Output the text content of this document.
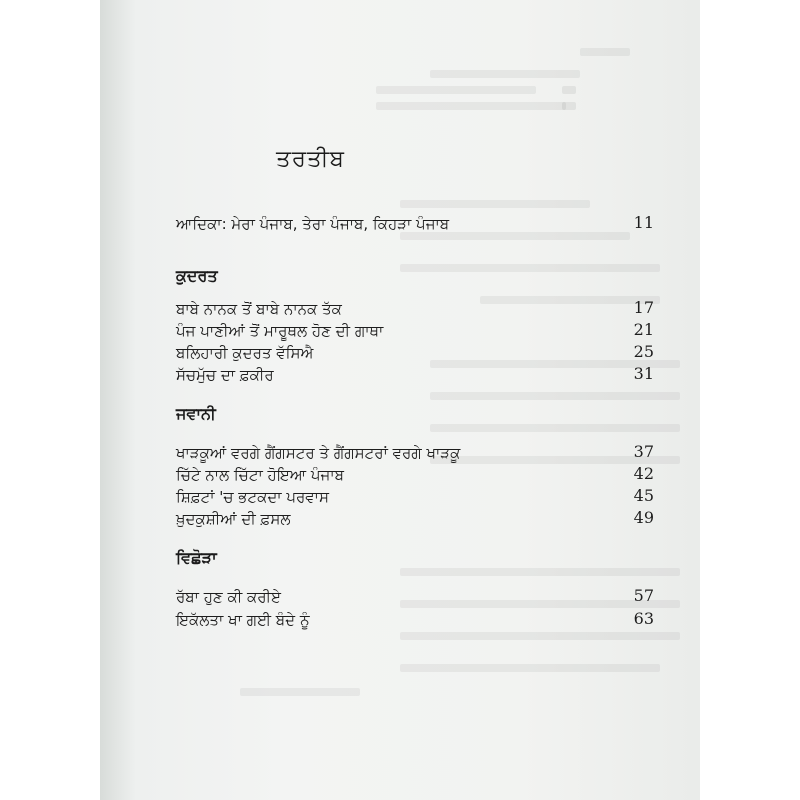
ਤਰਤੀਬ
ਆਦਿਕਾ: ਮੇਰਾ ਪੰਜਾਬ, ਤੇਰਾ ਪੰਜਾਬ, ਕਿਹੜਾ ਪੰਜਾਬ	11
ਕੁਦਰਤ
ਬਾਬੇ ਨਾਨਕ ਤੋਂ ਬਾਬੇ ਨਾਨਕ ਤੱਕ	17
ਪੰਜ ਪਾਣੀਆਂ ਤੋਂ ਮਾਰੂਥਲ ਹੋਣ ਦੀ ਗਾਥਾ	21
ਬਲਿਹਾਰੀ ਕੁਦਰਤ ਵੱਸਿਐ	25
ਸੱਚਮੁੱਚ ਦਾ ਫ਼ਕੀਰ	31
ਜਵਾਨੀ
ਖਾੜਕੂਆਂ ਵਰਗੇ ਗੈਂਗਸਟਰ ਤੇ ਗੈਂਗਸਟਰਾਂ ਵਰਗੇ ਖਾੜਕੂ	37
ਚਿੱਟੇ ਨਾਲ ਚਿੱਟਾ ਹੋਇਆ ਪੰਜਾਬ	42
ਸ਼ਿਫ਼ਟਾਂ 'ਚ ਭਟਕਦਾ ਪਰਵਾਸ	45
ਖ਼ੁਦਕੁਸ਼ੀਆਂ ਦੀ ਫ਼ਸਲ	49
ਵਿਛੋੜਾ
ਰੱਬਾ ਹੁਣ ਕੀ ਕਰੀਏ	57
ਇਕੱਲਤਾ ਖਾ ਗਈ ਬੰਦੇ ਨੂੰ	63
